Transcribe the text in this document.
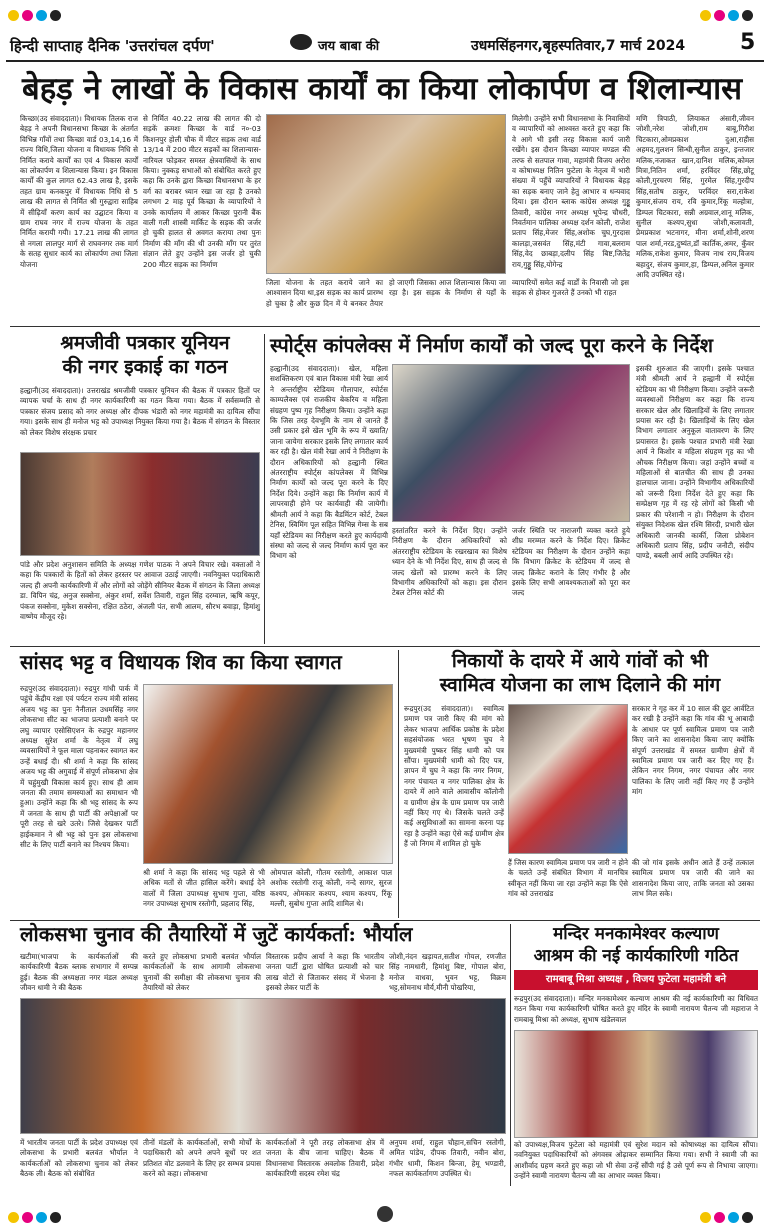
हिन्दी साप्ताह दैनिक 'उत्तरांचल दर्पण'	जय बाबा की	उधमसिंहनगर,बृहस्पतिवार,7 मार्च 2024 5
बेहड़ ने लाखों के विकास कार्यों का किया लोकार्पण व शिलान्यास
किच्छा(उद संवाददाता)। विधायक तिलक राज बेहड़ ने अपनी विधानसभा किच्छा के अंतर्गत विभिन्न गाँवों तथा किच्छा वार्ड 03,14,16 में राज्य विधि,जिला योजना व विधायक निधि से निर्मित कराये कार्यों का एवं 4 विकास कार्यों का लोकार्पण व शिलान्यास किया। इन विकास कार्यों की कुल लागत 62.43 लाख है, इसके तहत ग्राम कनकपुर में विधायक निधि से 5 लाख की लागत से निर्मित श्री गुरुद्वारा साहिब में सीढ़ियाँ करण कार्य का उद्घाटन किया व ग्राम राघव नगर में राज्य योजना के तहत निर्मित करायी गयी। 17.21 लाख की लागत से नगला लालपुर मार्ग से राघवनगर तक मार्ग के सतह सुधार कार्य का लोकार्पण तथा जिला योजना
से निर्मित 40.22 लाख की लागत की दो सड़कें क्रमशः किच्छा के वार्ड न०-03 किशनपुर होली चौक में मीटर सड़क तथा वार्ड 13/14 में 200 मीटर सड़कों का शिलान्यास-नारियल फोड़कर समस्त क्षेत्रवासियों के साथ किया। नुक्कड़ सभाओं को संबोधित करते हुए कहा कि उनके द्वारा किच्छा विधानसभा के हर वर्ग का बराबर ध्यान रखा जा रहा है उनको लगभग 2 माह पूर्व किच्छा के व्यापारियों ने उनके कार्यालय में आकर किच्छा पुरानी बैंक वाली गली शास्त्री मार्किट के सड़क की जर्जर हो चुकी हालत से अवगत कराया तथा पुनः निर्माण की माँग की थी उनकी माँग पर तुरंत संज्ञान लेते हुए उन्होंने इस जर्जर हो चुकी 200 मीटर सड़क का निर्माण
जिला योजना के तहत कराये जाने का आश्वासन दिया था,इस सड़क का कार्य प्रारम्भ हो चुका है और कुछ दिन में ये बनकर तैयार हो जाएगी जिसका आज शिलान्यास किया जा रहा है। इस सड़क के निर्माण से यहाँ के व्यापारियों समेत कई वार्डों के निवासी जो इस सड़क से होकर गुजरते हैं उनको भी राहत
मिलेगी। उन्होंने सभी विधानसभा के निवासियों व व्यापारियों को आश्वस्त करते हुए कहा कि वे आगे भी इसी तरह विकास कार्य जारी रखेंगे। इस दौरान किच्छा व्यापार मण्डल की तरफ से सतपाल गावा, महामंत्री विजय अरोरा व कोषाध्यक्ष नितिन फुटेला के नेतृत्व में भारी संख्या में पहुँचे व्यापारियों ने विधायक बेहड़ का सड़क बनाए जाने हेतु आभार व धन्यवाद दिया। इस दौरान ब्लाक कांग्रेस अध्यक्ष गुड्डू तिवारी, कांग्रेस नगर अध्यक्ष भूपेन्द्र चौधरी, निवर्तमान पालिका अध्यक्ष दर्शन कोली, राजेश प्रताप सिंह,मेजर सिंह,अशोक चुघ,गुरदास कालड़ा,जसवंत सिंह,मंटी गावा,बलराम सिंह,वेद छाबड़ा,दलीप सिंह बिष्ट,जितेंद्र राय,गुड्डू सिंह,योगेन्द्र
मणि त्रिपाठी, लियाकत अंसारी,जीवन जोशी,नरेश जोशी,राम बाबू,गिरीश चिटकारा,ओमप्रकाश दुआ,राहीस अहमद,गुलशन सिन्धी,सुनील ठाकुर, इन्तजार मलिक,नजाकत खान,दानिश मलिक,कोमल मित्रा,नितिन शर्मा, हरविंदर सिंह,छोटू कोली,गुरचरण सिंह, गुरमेल सिंह,गुरदीप सिंह,सतोष ठाकुर, परविंदर सरा,राकेश कुमार,संजय राय, रवि कुमार,रिंकू मल्होत्रा, डिम्पल चिटकारा, सन्नी अग्रवाल,शानू मलिक, सुनील कश्यप,सुधा जोशी,कलावती, प्रेमप्रकाश भटनागर, मीना शर्मा,शोनी,शरण पाल शर्मा,नरड,दुष्यंत,डॉ कार्तिक,अमर, कुँवर मलिक,राकेश कुमार, विजय नाथ राय,विजय बहादुर, संजय कुमार,हा, डिम्पल,अनिल कुमार आदि उपस्थित रहे।
श्रमजीवी पत्रकार यूनियन
की नगर इकाई का गठन
हल्द्वानी(उद संवाददाता)। उत्तराखंड श्रमजीवी पत्रकार यूनियन की बैठक में पत्रकार हितों पर व्यापक चर्चा के साथ ही नगर कार्यकारिणी का गठन किया गया। बैठक में सर्वसम्मति से पत्रकार संजय प्रसाद को नगर अध्यक्ष और दीपक भंडारी को नगर महामंत्री का दायित्व सौंपा गया। इसके साथ ही मनोज भट्ट को उपाध्यक्ष नियुक्त किया गया है। बैठक में संगठन के विस्तार को लेकर विशेष संरक्षक प्रचार
पांडे और प्रदेश अनुशासन समिति के अध्यक्ष गणेश पाठक ने अपने विचार रखे। वक्ताओं ने कहा कि पत्रकारों के हितों को लेकर हरस्तर पर आवाज उठाई जाएगी। नवनियुक्त पदाधिकारी जल्द ही अपनी कार्यकारिणी में और लोगों को जोड़ेंगे सीनियर बैठक में संगठन के जिला अध्यक्ष डा. विपिन चंद्र, अनुज सक्सेना, अंकुर शर्मा, सर्वेश तिवारी, राहुल सिंह दरम्वाल, ऋषि कपूर, पंकज सक्सेना, मुकेश सक्सेना, रक्षित ठठेरा, अंजली पंत, सभी आलम, सौरभ बवाड़ा, हिमांशु वाष्णेय मौजूद रहे।
स्पोर्ट्स कांपलेक्स में निर्माण कार्यों को जल्द पूरा करने के निर्देश
हल्द्वानी(उद संवाददाता)। खेल, महिला सशक्तिकरण एवं बाल विकास मंत्री रेखा आर्य ने अन्तर्राष्ट्रीय स्टेडियम गौलापार, स्पोर्टस काम्पलैक्स एवं राजकीय बेकरिय व महिला संग्रहण पुष्प गृह निरीक्षण किया। उन्होंने कहा कि जिस तरह देवभूमि के नाम से जानते हैं उसी प्रकार इसे खेल भूमि के रूप में ख्याति/जाना जायेगा सरकार इसके लिए लगातार कार्य कर रही है। खेल मंत्री रेखा आर्य ने निरीक्षण के दौरान अधिकारियों को हल्द्वानी स्थित अंतरराष्ट्रीय स्पोर्ट्स कांपलेक्स में विभिन्न निर्माण कार्यों को जल्द पूरा करने के दिए निर्देश दिये। उन्होंने कहा कि निर्माण कार्य में लापरवाही होने पर कार्यवाही की जायेगी। श्रीमती आर्य ने कहा कि बैडमिंटन कोर्ट, टेबल टेनिस, स्विमिंग पूल सहित विभिन्न गेम्स के सब यहाँ स्टेडियम का निरीक्षण करते हुए कार्यदायी संस्था को जल्द से जल्द निर्माण कार्य पूरा कर विभाग को
हस्तांतरित करने के निर्देश दिए। उन्होंने निरीक्षण के दौरान अधिकारियों को अंतरराष्ट्रीय स्टेडियम के रखरखाव का विशेष ध्यान देने के भी निर्देश दिए, साथ ही जल्द से जल्द खेलों को प्रारम्भ करने के लिए विभागीय अधिकारियों को कहा। इस दौरान टेबल टेनिस कोर्ट की
जर्जर स्थिति पर नाराजगी व्यक्त करते हुये शीघ्र मरम्मत करने के निर्देश दिए। क्रिकेट स्टेडियम का निरीक्षण के दौरान उन्होंने कहा कि विभाग क्रिकेट के स्टेडियम में जल्द से जल्द क्रिकेट कराने के लिए गंभीर है और इसके लिए सभी आवश्यकताओं को पूरा कर जल्द
इसकी शुरुआत की जाएगी। इसके पश्चात मंत्री श्रीमती आर्य ने हल्द्वानी में स्पोर्ट्स स्टेडियम का भी निरीक्षण किया। उन्होंने जरूरी व्यवस्थाओं निरीक्षण कर कहा कि राज्य सरकार खेल और खिलाड़ियों के लिए लगातार प्रयास कर रही है। खिलाड़ियों के लिए खेल विभाग लगातार अनुकूल वातावरण के लिए प्रयासरत है। इसके पश्चात प्रभारी मंत्री रेखा आर्य ने किशोर व महिला संग्रहण गृह का भी औचक निरीक्षण किया। जहां उन्होंने बच्चों व महिलाओं से बातचीत की साथ ही उनका हालचाल जाना। उन्होंने विभागीय अधिकारियों को जरूरी दिशा निर्देश देते हुए कहा कि सम्प्रेक्षण गृह में रह रहे लोगों को किसी भी प्रकार की परेशानी न हो। निरीक्षण के दौरान संयुक्त निदेशक खेल रश्मि सिरदी, प्रभारी खेल अधिकारी जानकी कार्की, जिला प्रोबेशन अधिकारी प्रताप सिंह, प्रदीप जनौटी, संदीप पाण्डे, बबली आर्य आदि उपस्थित रहे।
सांसद भट्ट व विधायक शिव का किया स्वागत
रुद्रपुर(उद संवाददाता)। रुद्रपुर गांधी पार्क में पहुंचे केंद्रीय रक्षा एवं पर्यटन राज्य मंत्री सांसद अजय भट्ट का पुनः नैनीताल उधमसिंह नगर लोकसभा सीट का भाजपा प्रत्याशी बनाने पर लघु व्यापार एसोसिएशन के रुद्रपुर महानगर अध्यक्ष सुरेश शर्मा के नेतृत्व में लघु व्यवसायियों ने फूल माला पहनाकर स्वागत कर उन्हें बधाई दी। श्री शर्मा ने कहा कि सांसद अजय भट्ट की अगुवाई में संपूर्ण लोकसभा क्षेत्र में चहुंमुखी विकास कार्य हुए। साथ ही आम जनता की तमाम समस्याओं का समाधान भी हुआ। उन्होंने कहा कि श्री भट्ट सांसद के रूप में जनता के साथ ही पार्टी की अपेक्षाओं पर पूरी तरह से खरे उतरे। जिसे देखकर पार्टी हाईकमान ने श्री भट्ट को पुनः इस लोकसभा सीट के लिए पार्टी बनाने का निश्चय किया।
श्री शर्मा ने कहा कि सांसद भट्ट पहले से भी अधिक मतों से जीत हासिल करेंगे। बधाई देने वालों में जिला उपाध्यक्ष सुभाष गुप्ता, वरिष्ठ नगर उपाध्यक्ष सुभाष रस्तोगी, प्रहलाद सिंह,
ओमपाल कोली, गौतम रस्तोगी, आकाश पाल अशोक रस्तोगी राजू कोली, नन्दे सागर, सुरज कश्यप, ओमकार कश्यप, श्याम कश्यप, रिंकू मल्ली, सुबोध गुप्ता आदि शामिल थे।
निकायों के दायरे में आये गांवों को भी
स्वामित्व योजना का लाभ दिलाने की मांग
रूद्रपुर(उद संवाददाता)। स्वामित्व प्रमाण पत्र जारी किए की मांग को लेकर भाजपा आर्थिक प्रकोष्ठ के प्रदेश सहसंयोजक भरत भूषण चुघ ने मुख्यमंत्री पुष्कर सिंह धामी को पत्र सौंपा। मुख्यमंत्री धामी को दिए पत्र, ज्ञापन में चुघ ने कहा कि नगर निगम, नगर पंचायत व नगर पालिका क्षेत्र के दायरे में आने वाले आवासीय कॉलोनी व ग्रामीण क्षेत्र के ग्राम प्रमाण पत्र जारी नहीं किए गए थे। जिसके चलते उन्हें कई असुविधाओं का सामना करना पड़ रहा है उन्होंने कहा ऐसे कई ग्रामीण क्षेत्र हैं जो निगम में शामिल हो चुके
सरकार ने गृह कर में 10 साल की छूट आर्वटित कर रखी है उन्होंने कहा कि गांव की भू आबादी के आधार पर पूर्ण स्वामित्व प्रमाण पत्र जारी किए जाने का शासनादेश किया जाए क्योंकि संपूर्ण उत्तराखंड में समस्त ग्रामीण क्षेत्रों में स्वामित्व प्रमाण पत्र जारी कर दिए गए हैं। लेकिन नगर निगम, नगर पंचायत और नगर पालिका के लिए जारी नहीं किए गए हैं उन्होंने मांग
हैं जिस कारण स्वामित्व प्रमाण पत्र जारी न होने के चलते उन्हें संबंधित विभाग में मानचित्र स्वीकृत नहीं किया जा रहा उन्होंने कहा कि ऐसे गांव को उत्तराखंड
की जो गांव इसके अधीन आते हैं उन्हें तत्काल स्वामित्व प्रमाण पत्र जारी की जाने का शासनादेश किया जाए, ताकि जनता को उसका लाभ मिल सके।
लोकसभा चुनाव की तैयारियों में जुटें कार्यकर्ता: भौर्याल
खटीमा(भाजपा के कार्यकर्ताओं की कार्यकारिणी बैठक ब्लाक सभागार में सम्पन्न हुई। बैठक की अध्यक्षता नगर मंडल अध्यक्ष जीवन धामी ने की बैठक
करते हुए लोकसभा प्रभारी बलवंत भौर्याल कार्यकर्ताओं के साथ आगामी लोकसभा चुनावों की समीक्षा की लोकसभा चुनाव की तैयारियों को लेकर
विस्तारक प्रदीप आर्या ने कहा कि भारतीय जनता पार्टी द्वारा घोषित प्रत्याशी को चार लाख वोटों से जिताकर संसद में भेजना है इसको लेकर पार्टी के
जोशी,नंदन खड़ायत,सतीश गोयल, रणजीत सिंह नामधारी, हिमांशु बिष्ट, गोपाल बोरा, मनोज वाधवा, भुवन भट्ट, विक्रम भट्ट,सोमनाथ मौर्य,मीनी पोखरिया,
में भारतीय जनता पार्टी के प्रदेश उपाध्यक्ष एवं लोकसभा के प्रभारी बलवंत भौर्याल ने कार्यकर्ताओं को लोकसभा चुनाव को लेकर बैठक ली। बैठक को संबोधित
तीनों मंडलों के कार्यकर्ताओं, सभी मोर्चों के पदाधिकारी को अपने अपने बूथों पर शत प्रतिशत वोट डलवाने के लिए हर सम्भव प्रयास करने को कहा। लोकसभा
कार्यकर्ताओं ने पूरी तरह लोकसभा क्षेत्र में जनता के बीच जाना चाहिए। बैठक में विधानसभा विस्तारक अवलोक तिवारी, प्रदेश कार्यकारिणी सदस्य रमेश चंद्र
अनुपम शर्मा, राहुल चौहान,सचिन रस्तोगी, अमित पांडेय, दीपक तिवारी, नवीन बोरा, गंभीर धामी, किशन बिन्जा, हेमू भण्डारी, नफल कार्यकर्तागण उपस्थित थे।
मन्दिर मनकामेश्वर कल्याण
आश्रम की नई कार्यकारिणी गठित
रामबाबू मिश्रा अध्यक्ष , विजय फुटेला महामंत्री बने
रूद्रपुर(उद संवाददाता)। मन्दिर मनकामेश्वर कल्याण आश्रम की नई कार्यकारिणी का विधिवत गठन किया गया कार्यकारिणी घोषित करते हुए मंदिर के स्वामी नारायण चैतन्य जी महाराज ने रामबाबू मिश्रा को अध्यक्ष, सुभाष खंडेलवाल
को उपाध्यक्ष,विजय फुटेला को महामंत्री एवं सुरेश मदान को कोषाध्यक्ष का दायित्व सौंपा। नवनियुक्त पदाधिकारियों को अंगवस्त्र ओढ़ाकर सम्मानित किया गया। सभी ने स्वामी जी का आशीर्वाद ग्रहण करते हुए कहा जो भी सेवा उन्हें सौंपी गई है उसे पूर्ण रूप से निभाया जाएगा। उन्होंने स्वामी नारायण चैतन्य जी का आभार व्यक्त किया।
